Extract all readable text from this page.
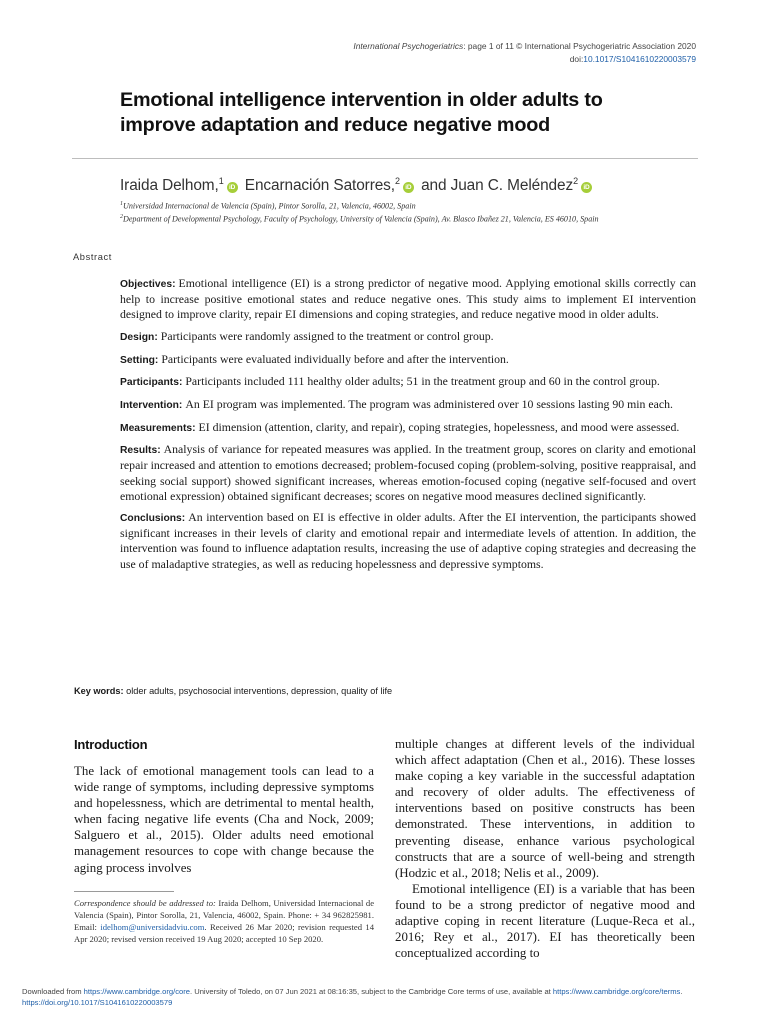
International Psychogeriatrics: page 1 of 11 © International Psychogeriatric Association 2020
doi:10.1017/S1041610220003579
Emotional intelligence intervention in older adults to improve adaptation and reduce negative mood
Iraida Delhom,$^1$iD Encarnación Satorres,$^2$iD and Juan C. Meléndez$^2$iD
$^1$Universidad Internacional de Valencia (Spain), Pintor Sorolla, 21, Valencia, 46002, Spain
$^2$Department of Developmental Psychology, Faculty of Psychology, University of Valencia (Spain), Av. Blasco Ibañez 21, Valencia, ES 46010, Spain
Abstract

Objectives: Emotional intelligence (EI) is a strong predictor of negative mood. Applying emotional skills correctly can help to increase positive emotional states and reduce negative ones. This study aims to implement EI intervention designed to improve clarity, repair EI dimensions and coping strategies, and reduce negative mood in older adults.

Design: Participants were randomly assigned to the treatment or control group.

Setting: Participants were evaluated individually before and after the intervention.

Participants: Participants included 111 healthy older adults; 51 in the treatment group and 60 in the control group.

Intervention: An EI program was implemented. The program was administered over 10 sessions lasting 90 min each.

Measurements: EI dimension (attention, clarity, and repair), coping strategies, hopelessness, and mood were assessed.

Results: Analysis of variance for repeated measures was applied. In the treatment group, scores on clarity and emotional repair increased and attention to emotions decreased; problem-focused coping (problem-solving, positive reappraisal, and seeking social support) showed significant increases, whereas emotion-focused coping (negative self-focused and overt emotional expression) obtained significant decreases; scores on negative mood measures declined significantly.

Conclusions: An intervention based on EI is effective in older adults. After the EI intervention, the participants showed significant increases in their levels of clarity and emotional repair and intermediate levels of attention. In addition, the intervention was found to influence adaptation results, increasing the use of adaptive coping strategies and decreasing the use of maladaptive strategies, as well as reducing hopelessness and depressive symptoms.

Key words: older adults, psychosocial interventions, depression, quality of life
Introduction

The lack of emotional management tools can lead to a wide range of symptoms, including depressive symptoms and hopelessness, which are detrimental to mental health, when facing negative life events (Cha and Nock, 2009; Salguero et al., 2015). Older adults need emotional management resources to cope with change because the aging process involves

multiple changes at different levels of the individual which affect adaptation (Chen et al., 2016). These losses make coping a key variable in the successful adaptation and recovery of older adults. The effectiveness of interventions based on positive constructs has been demonstrated. These interventions, in addition to preventing disease, enhance various psychological constructs that are a source of well-being and strength (Hodzic et al., 2018; Nelis et al., 2009).

Emotional intelligence (EI) is a variable that has been found to be a strong predictor of negative mood and adaptive coping in recent literature (Luque-Reca et al., 2016; Rey et al., 2017). EI has theoretically been conceptualized according to

Correspondence should be addressed to: Iraida Delhom, Universidad Internacional de Valencia (Spain), Pintor Sorolla, 21, Valencia, 46002, Spain. Phone: + 34 962825981. Email: idelhom@universidadviu.com. Received 26 Mar 2020; revision requested 14 Apr 2020; revised version received 19 Aug 2020; accepted 10 Sep 2020.
Downloaded from https://www.cambridge.org/core. University of Toledo, on 07 Jun 2021 at 08:16:35, subject to the Cambridge Core terms of use, available at https://www.cambridge.org/core/terms.
https://doi.org/10.1017/S1041610220003579
